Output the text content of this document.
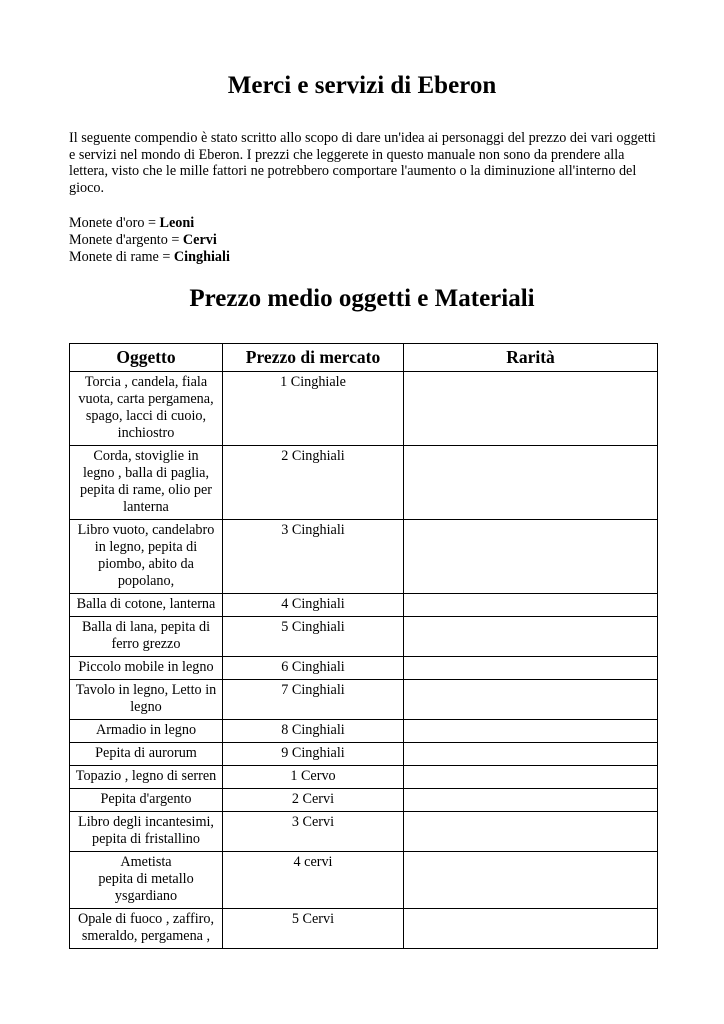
Merci e servizi di Eberon

Il seguente compendio è stato scritto allo scopo di dare un'idea ai personaggi del prezzo dei vari oggetti e servizi nel mondo di Eberon. I prezzi che leggerete in questo manuale non sono da prendere alla lettera, visto che le mille fattori ne potrebbero comportare l'aumento o la diminuzione all'interno del gioco.

Monete d'oro = Leoni
Monete d'argento = Cervi
Monete di rame = Cinghiali
Prezzo medio oggetti e Materiali
Oggetto	Prezzo di mercato	Rarità

Torcia , candela, fiala
vuota, carta pergamena,
spago, lacci di cuoio,
inchiostro	1 Cinghiale	

Corda, stoviglie in
legno , balla di paglia,
pepita di rame, olio per
lanterna	2 Cinghiali	

Libro vuoto, candelabro
in legno, pepita di
piombo, abito da
popolano,	3 Cinghiali	

Balla di cotone, lanterna	4 Cinghiali	

Balla di lana, pepita di
ferro grezzo	5 Cinghiali	

Piccolo mobile in legno	6 Cinghiali	

Tavolo in legno, Letto in
legno	7 Cinghiali	

Armadio in legno	8 Cinghiali	

Pepita di aurorum	9 Cinghiali	

Topazio , legno di serren	1 Cervo	

Pepita d'argento	2 Cervi	

Libro degli incantesimi,
pepita di fristallino	3 Cervi	

Ametista
pepita di metallo
ysgardiano	4 cervi	

Opale di fuoco , zaffiro,
smeraldo, pergamena ,	5 Cervi	
